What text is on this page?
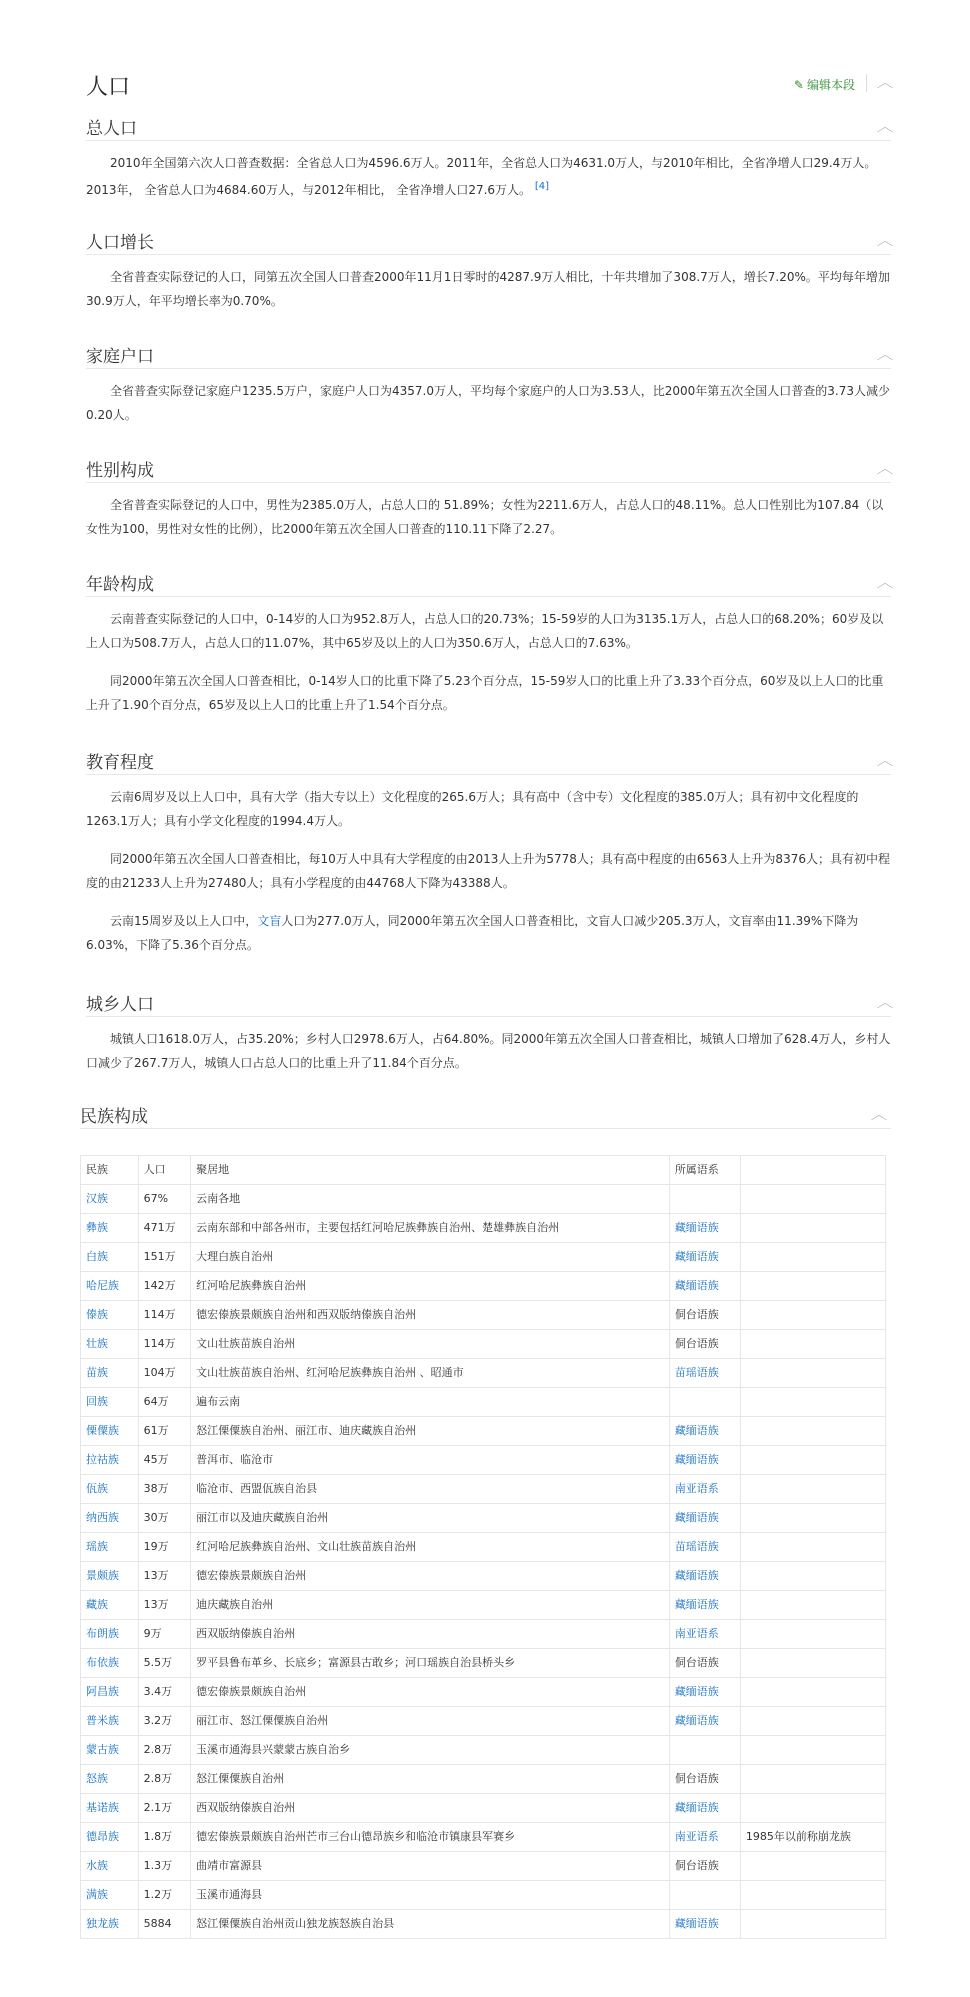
人口	✎ 编辑本段 ︿
总人口	︿

2010年全国第六次人口普查数据：全省总人口为4596.6万人。2011年，全省总人口为4631.0万人，与2010年相比，全省净增人口29.4万人。2013年， 全省总人口为4684.60万人，与2012年相比， 全省净增人口27.6万人。 [4]

人口增长	︿

全省普查实际登记的人口，同第五次全国人口普查2000年11月1日零时的4287.9万人相比，十年共增加了308.7万人，增长7.20%。平均每年增加30.9万人，年平均增长率为0.70%。

家庭户口	︿

全省普查实际登记家庭户1235.5万户，家庭户人口为4357.0万人，平均每个家庭户的人口为3.53人，比2000年第五次全国人口普查的3.73人减少0.20人。

性别构成	︿

全省普查实际登记的人口中，男性为2385.0万人，占总人口的 51.89%；女性为2211.6万人，占总人口的48.11%。总人口性别比为107.84（以女性为100，男性对女性的比例），比2000年第五次全国人口普查的110.11下降了2.27。

年龄构成	︿

云南普查实际登记的人口中，0-14岁的人口为952.8万人，占总人口的20.73%；15-59岁的人口为3135.1万人，占总人口的68.20%；60岁及以上人口为508.7万人，占总人口的11.07%，其中65岁及以上的人口为350.6万人，占总人口的7.63%。

同2000年第五次全国人口普查相比，0-14岁人口的比重下降了5.23个百分点，15-59岁人口的比重上升了3.33个百分点，60岁及以上人口的比重上升了1.90个百分点，65岁及以上人口的比重上升了1.54个百分点。

教育程度	︿

云南6周岁及以上人口中，具有大学（指大专以上）文化程度的265.6万人；具有高中（含中专）文化程度的385.0万人；具有初中文化程度的1263.1万人；具有小学文化程度的1994.4万人。

同2000年第五次全国人口普查相比，每10万人中具有大学程度的由2013人上升为5778人；具有高中程度的由6563人上升为8376人；具有初中程度的由21233人上升为27480人；具有小学程度的由44768人下降为43388人。

云南15周岁及以上人口中，文盲人口为277.0万人，同2000年第五次全国人口普查相比，文盲人口减少205.3万人，文盲率由11.39%下降为6.03%，下降了5.36个百分点。

城乡人口	︿

城镇人口1618.0万人，占35.20%；乡村人口2978.6万人，占64.80%。同2000年第五次全国人口普查相比，城镇人口增加了628.4万人，乡村人口减少了267.7万人，城镇人口占总人口的比重上升了11.84个百分点。

民族构成	︿
民族	人口	聚居地	所属语系	
汉族	67%	云南各地		
彝族	471万	云南东部和中部各州市，主要包括红河哈尼族彝族自治州、楚雄彝族自治州	藏缅语族	
白族	151万	大理白族自治州	藏缅语族	
哈尼族	142万	红河哈尼族彝族自治州	藏缅语族	
傣族	114万	德宏傣族景颇族自治州和西双版纳傣族自治州	侗台语族	
壮族	114万	文山壮族苗族自治州	侗台语族	
苗族	104万	文山壮族苗族自治州、红河哈尼族彝族自治州 、昭通市	苗瑶语族	
回族	64万	遍布云南		
傈僳族	61万	怒江傈僳族自治州、丽江市、迪庆藏族自治州	藏缅语族	
拉祜族	45万	普洱市、临沧市	藏缅语族	
佤族	38万	临沧市、西盟佤族自治县	南亚语系	
纳西族	30万	丽江市以及迪庆藏族自治州	藏缅语族	
瑶族	19万	红河哈尼族彝族自治州、文山壮族苗族自治州	苗瑶语族	
景颇族	13万	德宏傣族景颇族自治州	藏缅语族	
藏族	13万	迪庆藏族自治州	藏缅语族	
布朗族	9万	西双版纳傣族自治州	南亚语系	
布依族	5.5万	罗平县鲁布革乡、长底乡；富源县古敢乡；河口瑶族自治县桥头乡	侗台语族	
阿昌族	3.4万	德宏傣族景颇族自治州	藏缅语族	
普米族	3.2万	丽江市、怒江傈僳族自治州	藏缅语族	
蒙古族	2.8万	玉溪市通海县兴蒙蒙古族自治乡		
怒族	2.8万	怒江傈僳族自治州	侗台语族	
基诺族	2.1万	西双版纳傣族自治州	藏缅语族	
德昂族	1.8万	德宏傣族景颇族自治州芒市三台山德昂族乡和临沧市镇康县军赛乡	南亚语系	1985年以前称崩龙族
水族	1.3万	曲靖市富源县	侗台语族	
满族	1.2万	玉溪市通海县		
独龙族	5884	怒江傈僳族自治州贡山独龙族怒族自治县	藏缅语族	
